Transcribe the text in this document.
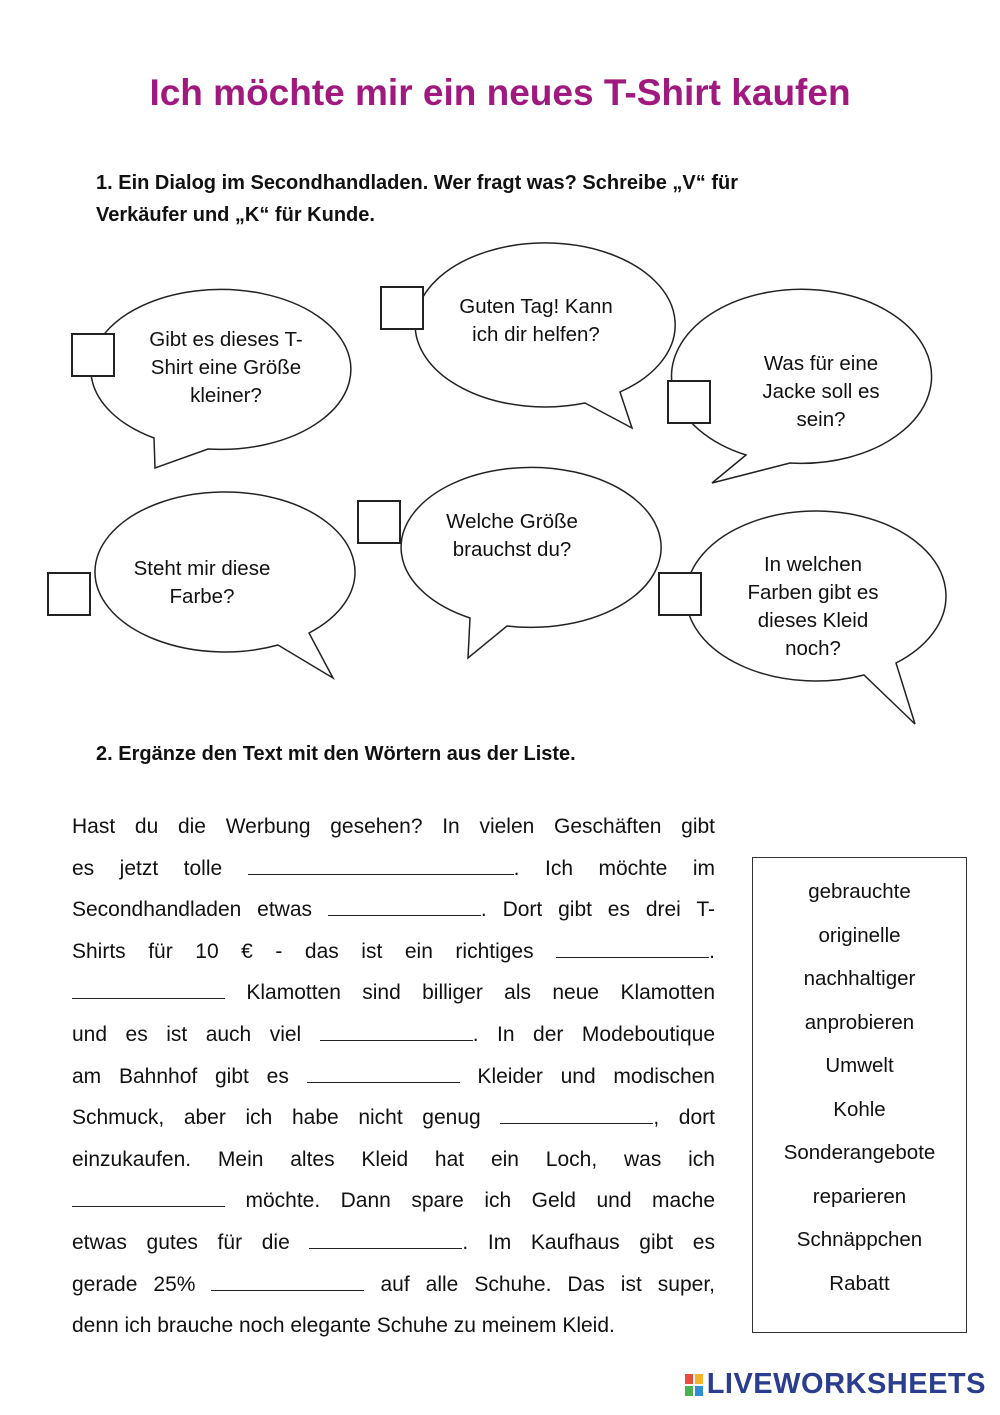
Ich möchte mir ein neues T-Shirt kaufen

1. Ein Dialog im Secondhandladen. Wer fragt was? Schreibe „V“ für

Verkäufer und „K“ für Kunde.

Gibt es dieses T-
Shirt eine Größe
kleiner?
Guten Tag! Kann
ich dir helfen?
Was für eine
Jacke soll es
sein?
Steht mir diese
Farbe?
Welche Größe
brauchst du?
In welchen
Farben gibt es
dieses Kleid
noch?

2. Ergänze den Text mit den Wörtern aus der Liste.

Hast du die Werbung gesehen? In vielen Geschäften gibt
es jetzt tolle	. Ich möchte im
Secondhandladen etwas	. Dort gibt es drei T-
Shirts für 10 € - das ist ein richtiges	.
Klamotten sind billiger als neue Klamotten
und es ist auch viel	. In der Modeboutique
am Bahnhof gibt es	Kleider und modischen
Schmuck, aber ich habe nicht genug	, dort
einzukaufen. Mein altes Kleid hat ein Loch, was ich
möchte. Dann spare ich Geld und mache
etwas gutes für die	. Im Kaufhaus gibt es
gerade 25%	auf alle Schuhe. Das ist super,
denn ich brauche noch elegante Schuhe zu meinem Kleid.
gebrauchte
originelle
nachhaltiger
anprobieren
Umwelt
Kohle
Sonderangebote
reparieren
Schnäppchen
Rabatt
LIVEWORKSHEETS
